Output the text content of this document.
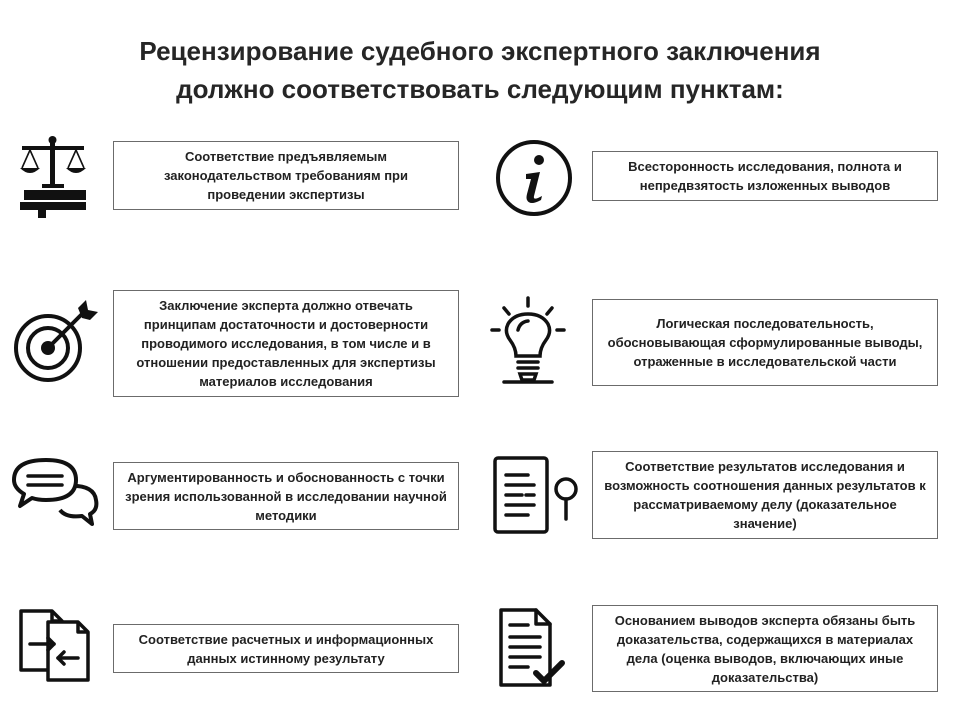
Рецензирование судебного экспертного заключения
должно соответствовать следующим пунктам:
Соответствие предъявляемым законодательством требованиям при проведении экспертизы
Всесторонность исследования, полнота и непредвзятость изложенных выводов
Заключение эксперта должно отвечать принципам достаточности и достоверности проводимого исследования, в том числе и в отношении предоставленных для экспертизы материалов исследования
Логическая последовательность, обосновывающая сформулированные выводы, отраженные в исследовательской части
Аргументированность и обоснованность с точки зрения использованной в исследовании научной методики
Соответствие результатов исследования и возможность соотношения данных результатов к рассматриваемому делу (доказательное значение)
Соответствие расчетных и информационных данных истинному результату
Основанием выводов эксперта обязаны быть доказательства, содержащихся в материалах дела (оценка выводов, включающих иные доказательства)
